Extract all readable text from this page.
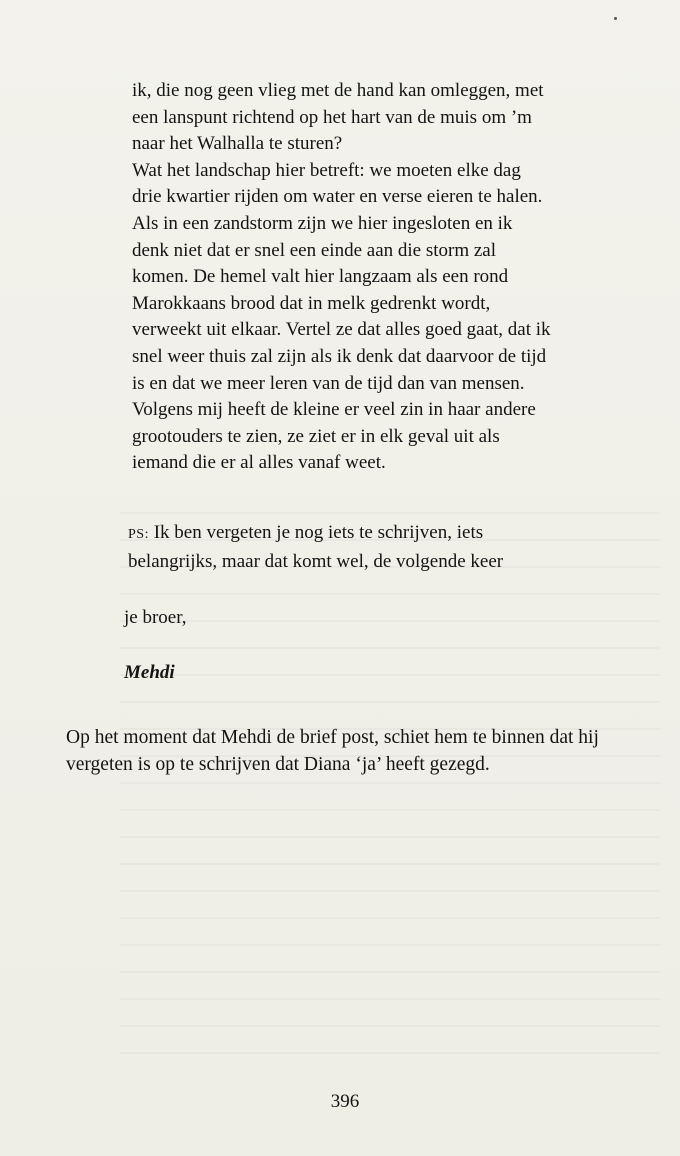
ik, die nog geen vlieg met de hand kan omleggen, met
een lanspunt richtend op het hart van de muis om ’m
naar het Walhalla te sturen?
Wat het landschap hier betreft: we moeten elke dag
drie kwartier rijden om water en verse eieren te halen.
Als in een zandstorm zijn we hier ingesloten en ik
denk niet dat er snel een einde aan die storm zal
komen. De hemel valt hier langzaam als een rond
Marokkaans brood dat in melk gedrenkt wordt,
verweekt uit elkaar. Vertel ze dat alles goed gaat, dat ik
snel weer thuis zal zijn als ik denk dat daarvoor de tijd
is en dat we meer leren van de tijd dan van mensen.
Volgens mij heeft de kleine er veel zin in haar andere
grootouders te zien, ze ziet er in elk geval uit als
iemand die er al alles vanaf weet.
PS: Ik ben vergeten je nog iets te schrijven, iets
belangrijks, maar dat komt wel, de volgende keer
je broer,
Mehdi
Op het moment dat Mehdi de brief post, schiet hem te binnen dat hij
vergeten is op te schrijven dat Diana ‘ja’ heeft gezegd.
396
